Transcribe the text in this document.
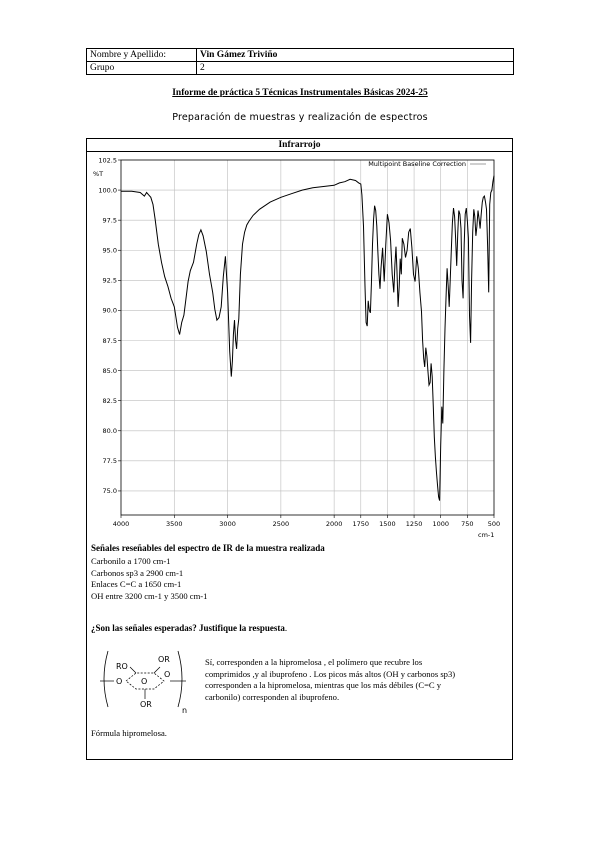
Nombre y Apellido:	Vin Gámez Triviño
Grupo	2
Informe de práctica 5 Técnicas Instrumentales Básicas 2024-25
Preparación de muestras y realización de espectros
Infrarrojo
102.5
100.0
97.5
95.0
92.5
90.0
87.5
85.0
82.5
80.0
77.5
75.0
4000	3500	3000	2500	2000 1750 1500 1250 1000 750 500
%T
cm-1
Multipoint Baseline Correction
Señales reseñables del espectro de IR de la muestra realizada
Carbonilo a 1700 cm-1
Carbonos sp3 a 2900 cm-1
Enlaces C=C a 1650 cm-1
OH entre 3200 cm-1 y 3500 cm-1
¿Son las señales esperadas? Justifique la respuesta.
RO
OR
O O
O
OR
n
Sí, corresponden a la hipromelosa , el polímero que recubre los
comprimidos ,y al ibuprofeno . Los picos más altos (OH y carbonos sp3)
corresponden a la hipromelosa, mientras que los más débiles (C=C y
carbonilo) corresponden al ibuprofeno.
Fórmula hipromelosa.
